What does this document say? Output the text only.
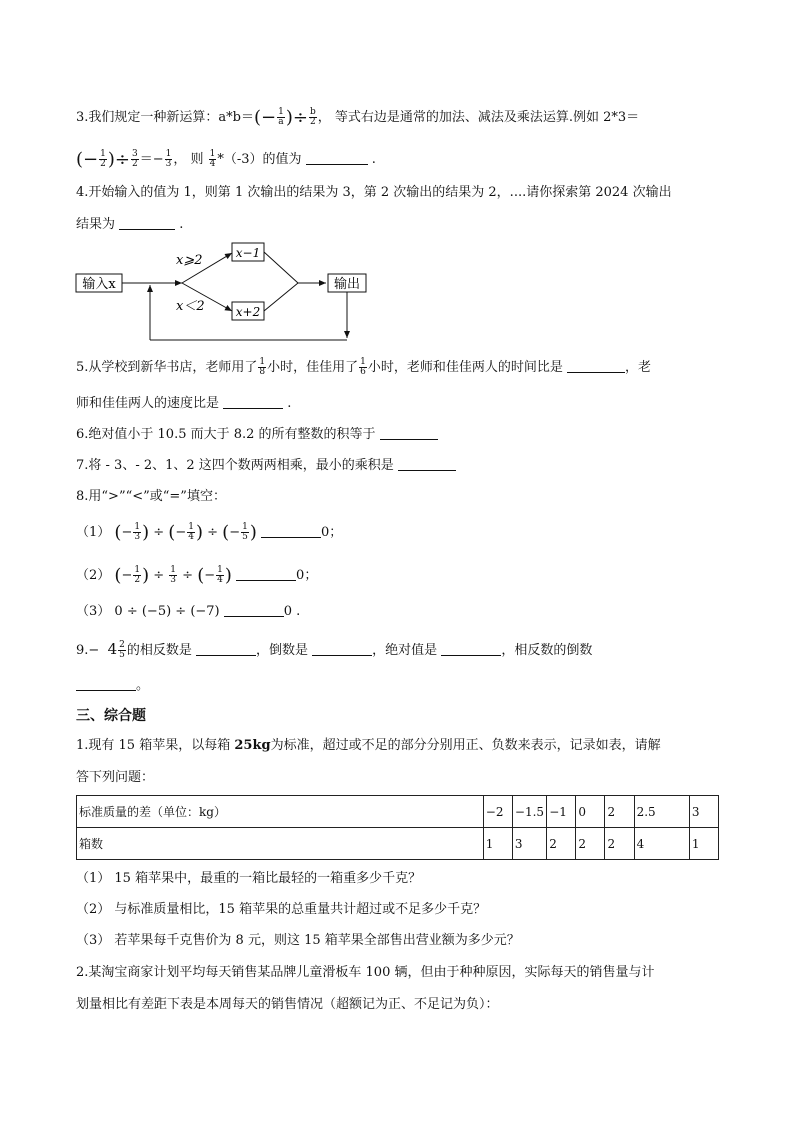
3.我们规定一种新运算：$a*b=(- \frac{1}{a}$ )÷ $\frac{b}{2}$ ， 等式右边是通常的加法、减法及乘法运算.例如 2*3＝
(− $\frac{1}{2}$ )÷ $\frac{3}{2} =- \frac{1}{3}$ ， 则 $\frac{1}{4} *(-3)$的值为	.
4.开始输入的值为 1，则第 1 次输出的结果为 3，第 2 次输出的结果为 2，....请你探索第 2024 次输出
结果为	.
输入x
x⩾2
x＜2
x−1
x+2
输出
5.从学校到新华书店，老师用了 $\frac{1}{8}$ 小时，佳佳用了 $\frac{1}{6}$ 小时，老师和佳佳两人的时间比是	，老
师和佳佳两人的速度比是	.
6.绝对值小于 10.5 而大于 8.2 的所有整数的积等于
7.将 - 3、- 2、1、2 这四个数两两相乘，最小的乘积是
8.用“>”“<”或“=”填空：
（1） (− $\frac{1}{3}$ ) ÷ (− $\frac{1}{4}$ ) ÷ (− $\frac{1}{5}$ )	0；
（2） (− $\frac{1}{2}$ ) ÷ $\frac{1}{3}$ ÷ (− $\frac{1}{4}$ )	0；
（3） 0 ÷ (−5) ÷ (−7)	0 .
$9.- 4 \frac{2}{5}$ 的相反数是	，倒数是	，绝对值是	，相反数的倒数
。
三、综合题
1.现有 15 箱苹果，以每箱 25kg为标准，超过或不足的部分分别用正、负数来表示，记录如表，请解
答下列问题：
标准质量的差（单位：kg）	−2	−1.5	−1	0	2	2.5	3
箱数	1	3	2	2	2	4	1
（1） 15 箱苹果中，最重的一箱比最轻的一箱重多少千克？
（2） 与标准质量相比，15 箱苹果的总重量共计超过或不足多少千克？
（3） 若苹果每千克售价为 8 元，则这 15 箱苹果全部售出营业额为多少元？
2.某淘宝商家计划平均每天销售某品牌儿童滑板车 100 辆，但由于种种原因，实际每天的销售量与计
划量相比有差距下表是本周每天的销售情况（超额记为正、不足记为负）：
